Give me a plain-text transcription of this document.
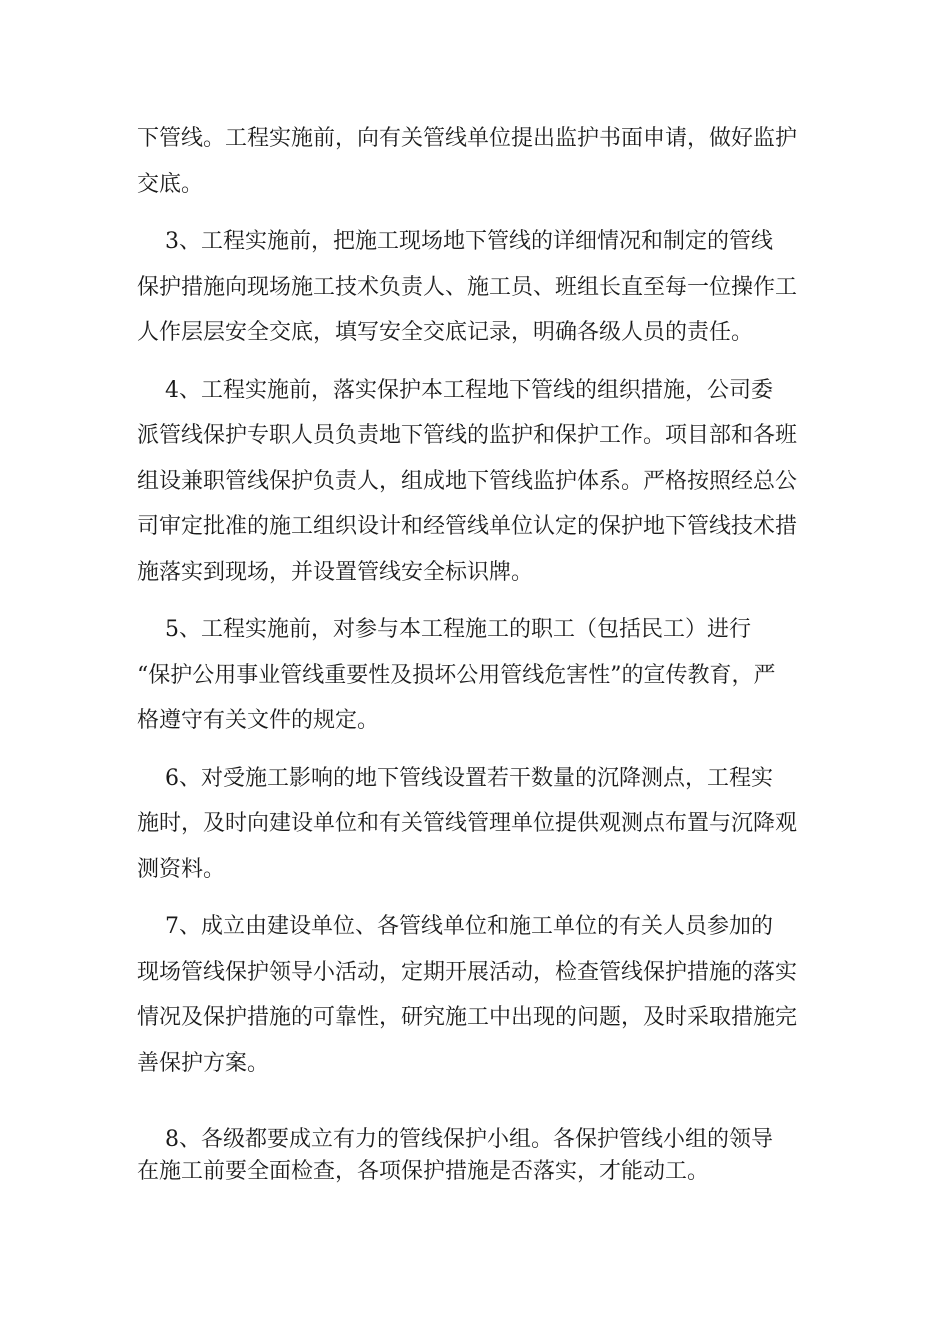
下管线。工程实施前，向有关管线单位提出监护书面申请，做好监护
交底。
3、工程实施前，把施工现场地下管线的详细情况和制定的管线
保护措施向现场施工技术负责人、施工员、班组长直至每一位操作工
人作层层安全交底，填写安全交底记录，明确各级人员的责任。
4、工程实施前，落实保护本工程地下管线的组织措施，公司委
派管线保护专职人员负责地下管线的监护和保护工作。项目部和各班
组设兼职管线保护负责人，组成地下管线监护体系。严格按照经总公
司审定批准的施工组织设计和经管线单位认定的保护地下管线技术措
施落实到现场，并设置管线安全标识牌。
5、工程实施前，对参与本工程施工的职工（包括民工）进行
“保护公用事业管线重要性及损坏公用管线危害性”的宣传教育，严
格遵守有关文件的规定。
6、对受施工影响的地下管线设置若干数量的沉降测点，工程实
施时，及时向建设单位和有关管线管理单位提供观测点布置与沉降观
测资料。
7、成立由建设单位、各管线单位和施工单位的有关人员参加的
现场管线保护领导小活动，定期开展活动，检查管线保护措施的落实
情况及保护措施的可靠性，研究施工中出现的问题，及时采取措施完
善保护方案。
8、各级都要成立有力的管线保护小组。各保护管线小组的领导
在施工前要全面检查，各项保护措施是否落实，才能动工。
